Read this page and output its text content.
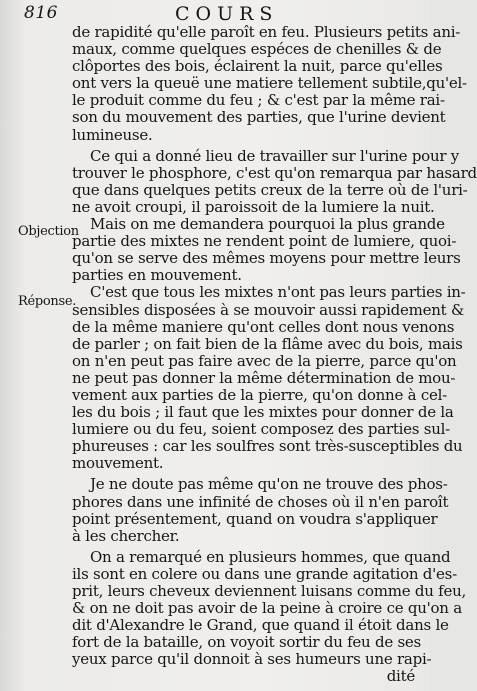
816	COURS
Objection
Réponse.
de rapidité qu'elle paroît en feu. Plusieurs petits ani-
maux, comme quelques espéces de chenilles & de
clôportes des bois, éclairent la nuit, parce qu'elles
ont vers la queuë une matiere tellement subtile,qu'el-
le produit comme du feu ; & c'est par la même rai-
son du mouvement des parties, que l'urine devient
lumineuse.
Ce qui a donné lieu de travailler sur l'urine pour y
trouver le phosphore, c'est qu'on remarqua par hasard
que dans quelques petits creux de la terre où de l'uri-
ne avoit croupi, il paroissoit de la lumiere la nuit.
Mais on me demandera pourquoi la plus grande
partie des mixtes ne rendent point de lumiere, quoi-
qu'on se serve des mêmes moyens pour mettre leurs
parties en mouvement.
C'est que tous les mixtes n'ont pas leurs parties in-
sensibles disposées à se mouvoir aussi rapidement &
de la même maniere qu'ont celles dont nous venons
de parler ; on fait bien de la flâme avec du bois, mais
on n'en peut pas faire avec de la pierre, parce qu'on
ne peut pas donner la même détermination de mou-
vement aux parties de la pierre, qu'on donne à cel-
les du bois ; il faut que les mixtes pour donner de la
lumiere ou du feu, soient composez des parties sul-
phureuses : car les soulfres sont très-susceptibles du
mouvement.
Je ne doute pas même qu'on ne trouve des phos-
phores dans une infinité de choses où il n'en paroît
point présentement, quand on voudra s'appliquer
à les chercher.
On a remarqué en plusieurs hommes, que quand
ils sont en colere ou dans une grande agitation d'es-
prit, leurs cheveux deviennent luisans comme du feu,
& on ne doit pas avoir de la peine à croire ce qu'on a
dit d'Alexandre le Grand, que quand il étoit dans le
fort de la bataille, on voyoit sortir du feu de ses
yeux parce qu'il donnoit à ses humeurs une rapi-
dité
